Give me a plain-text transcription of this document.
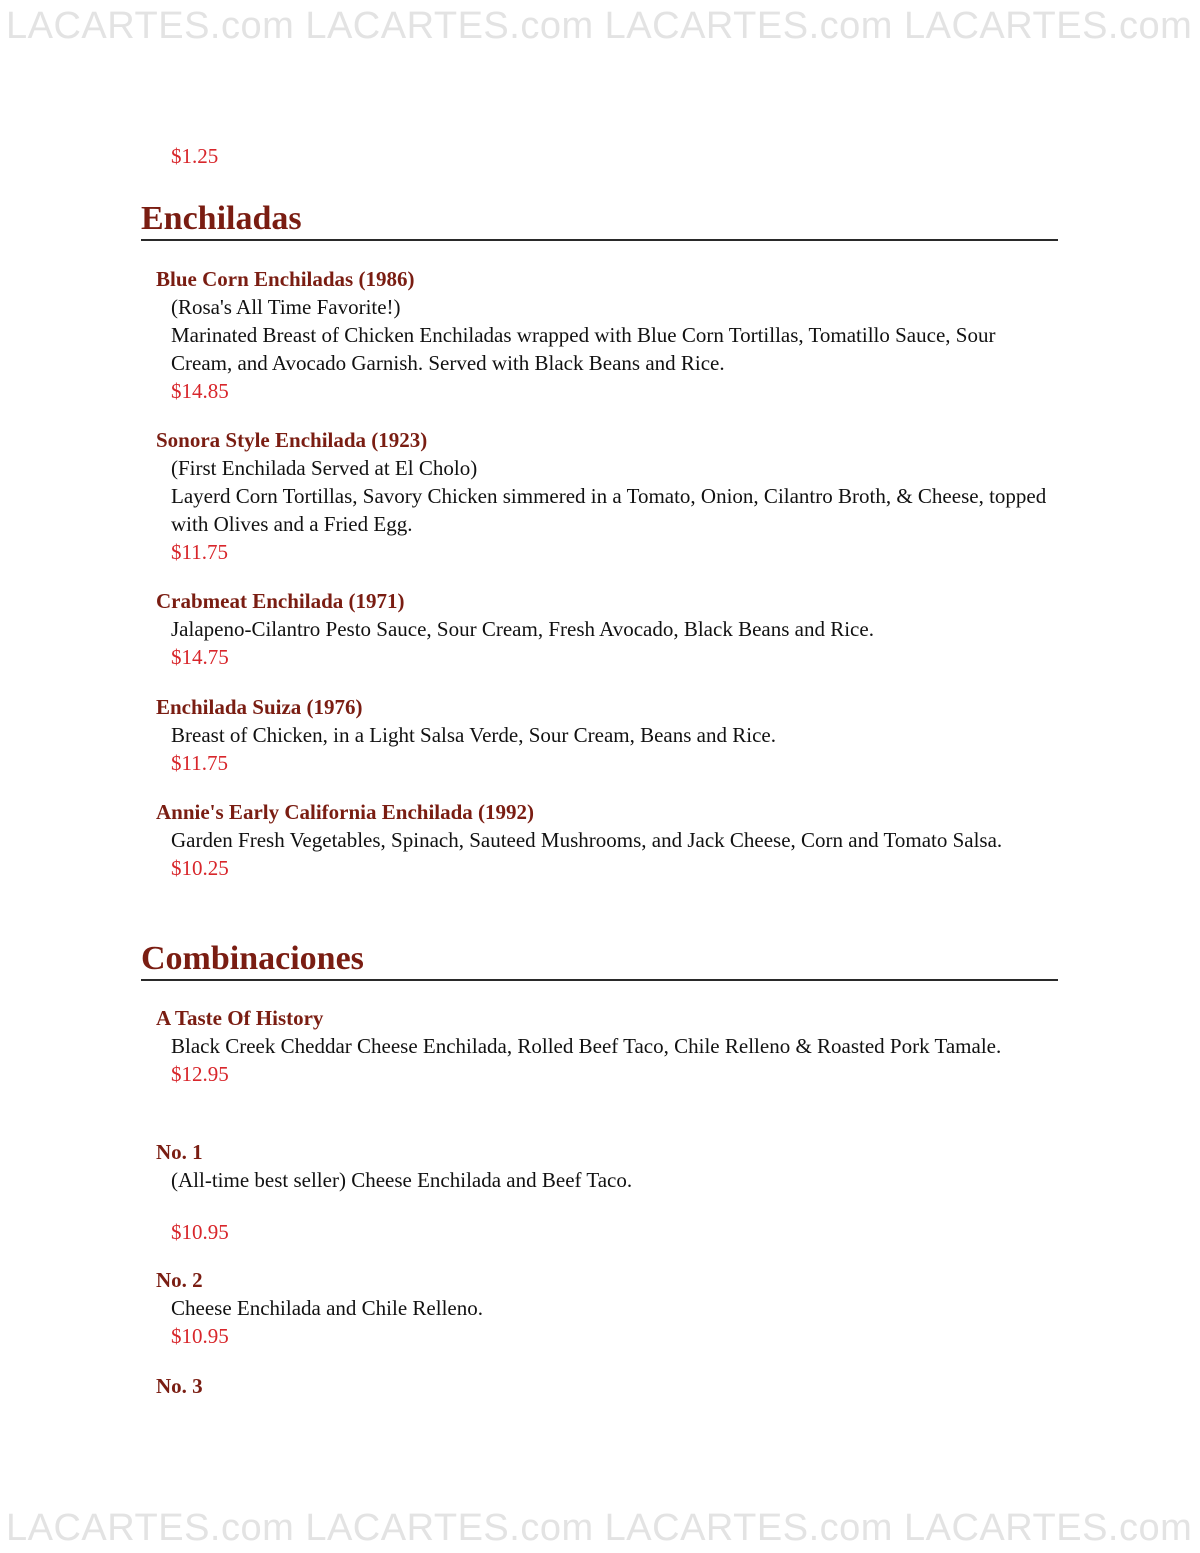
LACARTES.com LACARTES.com LACARTES.com LACARTES.com
$1.25
Enchiladas
Blue Corn Enchiladas (1986)
(Rosa's All Time Favorite!)
Marinated Breast of Chicken Enchiladas wrapped with Blue Corn Tortillas, Tomatillo Sauce, Sour Cream, and Avocado Garnish. Served with Black Beans and Rice.
$14.85
Sonora Style Enchilada (1923)
(First Enchilada Served at El Cholo)
Layerd Corn Tortillas, Savory Chicken simmered in a Tomato, Onion, Cilantro Broth, & Cheese, topped with Olives and a Fried Egg.
$11.75
Crabmeat Enchilada (1971)
Jalapeno-Cilantro Pesto Sauce, Sour Cream, Fresh Avocado, Black Beans and Rice.
$14.75
Enchilada Suiza (1976)
Breast of Chicken, in a Light Salsa Verde, Sour Cream, Beans and Rice.
$11.75
Annie's Early California Enchilada (1992)
Garden Fresh Vegetables, Spinach, Sauteed Mushrooms, and Jack Cheese, Corn and Tomato Salsa.
$10.25
Combinaciones
A Taste Of History
Black Creek Cheddar Cheese Enchilada, Rolled Beef Taco, Chile Relleno & Roasted Pork Tamale.
$12.95
No. 1
(All-time best seller) Cheese Enchilada and Beef Taco.
$10.95
No. 2
Cheese Enchilada and Chile Relleno.
$10.95
No. 3
LACARTES.com LACARTES.com LACARTES.com LACARTES.com
